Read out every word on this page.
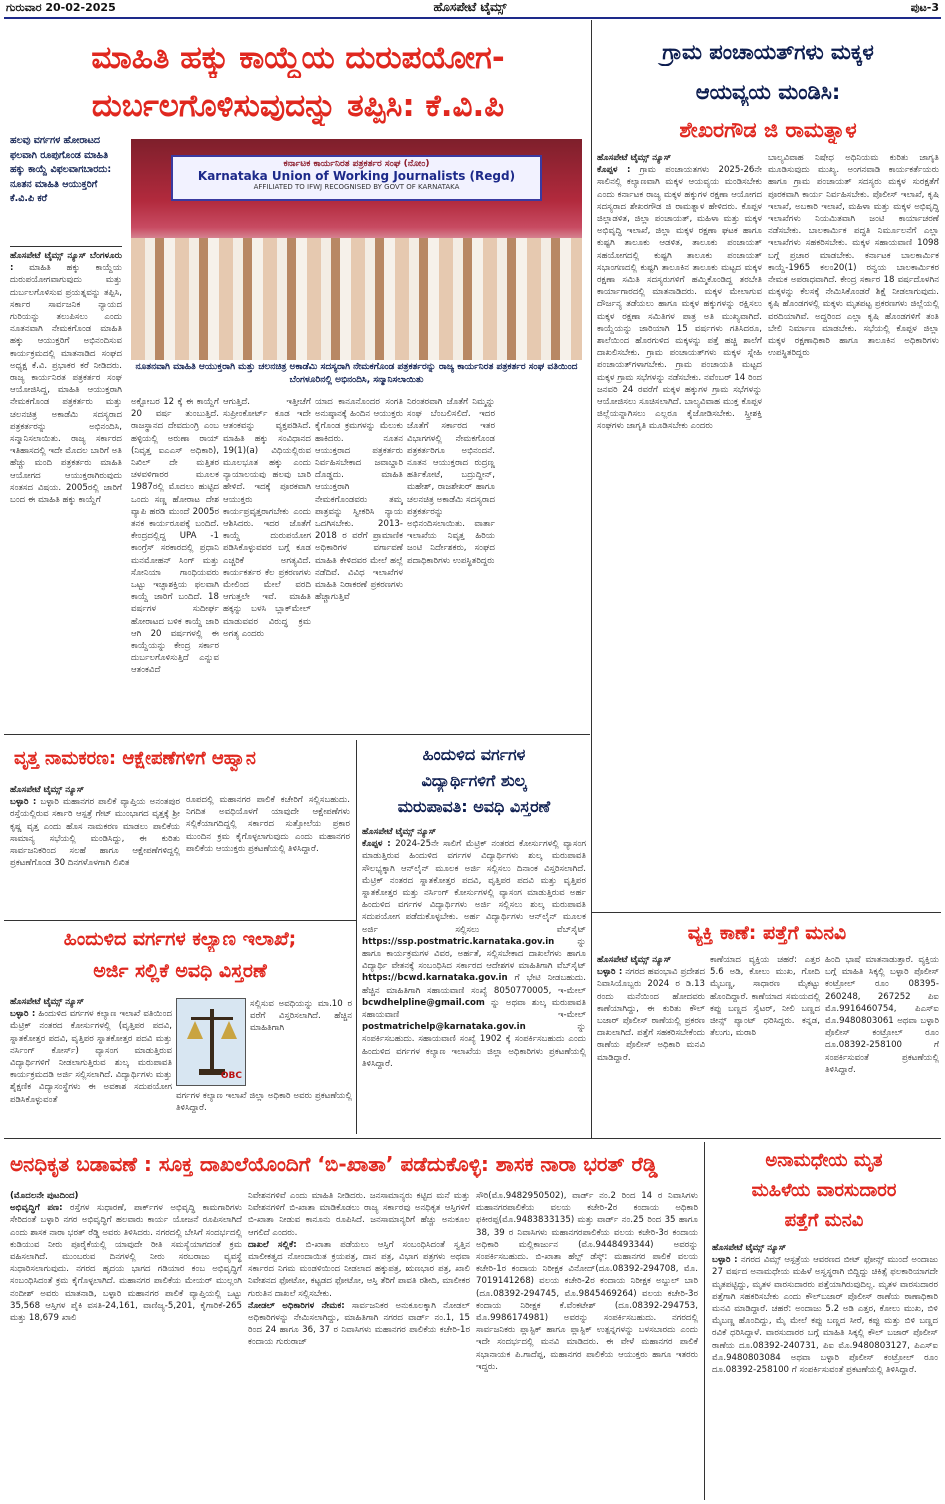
ಗುರುವಾರ 20-02-2025	ಹೊಸಪೇಟೆ ಟೈಮ್ಸ್	ಪುಟ-3
ಮಾಹಿತಿ ಹಕ್ಕು ಕಾಯ್ದೆಯ ದುರುಪಯೋಗ-
ದುರ್ಬಲಗೊಳಿಸುವುದನ್ನು ತಪ್ಪಿಸಿ: ಕೆ.ವಿ.ಪಿ
ಹಲವು ವರ್ಗಗಳ ಹೋರಾಟದ ಫಲವಾಗಿ ರೂಪುಗೊಂಡ ಮಾಹಿತಿ ಹಕ್ಕು ಕಾಯ್ದೆ ವಿಫಲವಾಗಬಾರದು: ನೂತನ ಮಾಹಿತಿ ಆಯುಕ್ತರಿಗೆ ಕೆ.ವಿ.ಪಿ ಕರೆ
ಹೊಸಪೇಟೆ ಟೈಮ್ಸ್ ನ್ಯೂಸ್ ಬೆಂಗಳೂರು : ಮಾಹಿತಿ ಹಕ್ಕು ಕಾಯ್ದೆಯ ದುರುಪಯೋಗವಾಗುವುದು ಮತ್ತು ದುರ್ಬಲಗೊಳಿಸುವ ಪ್ರಯತ್ನವನ್ನು ತಪ್ಪಿಸಿ, ಸರ್ಕಾರ ಸಾರ್ವಜನಿಕ ನ್ಯಾಯದ ಗುರಿಯನ್ನು ತಲುಪಿಸಲು ಎಂದು ನೂತನವಾಗಿ ನೇಮಕಗೊಂಡ ಮಾಹಿತಿ ಹಕ್ಕು ಆಯುಕ್ತರಿಗೆ ಅಭಿನಂದಿಸುವ ಕಾರ್ಯಕ್ರಮದಲ್ಲಿ ಮಾತನಾಡಿದ ಸಂಘದ ಅಧ್ಯಕ್ಷ ಕೆ.ವಿ. ಪ್ರಭಾಕರ ಕರೆ ನೀಡಿದರು. ರಾಜ್ಯ ಕಾರ್ಯನಿರತ ಪತ್ರಕರ್ತರ ಸಂಘ ಆಯೋಜಿಸಿದ್ದ, ಮಾಹಿತಿ ಆಯುಕ್ತರಾಗಿ ನೇಮಕಗೊಂಡ ಪತ್ರಕರ್ತರು ಮತ್ತು ಚಲನಚಿತ್ರ ಅಕಾಡೆಮಿ ಸದಸ್ಯರಾದ ಪತ್ರಕರ್ತರನ್ನು ಅಭಿನಂದಿಸಿ, ಸನ್ಮಾನಿಸಲಾಯಿತು. ರಾಜ್ಯ ಸರ್ಕಾರದ ಇತಿಹಾಸದಲ್ಲಿ ಇದೇ ಮೊದಲ ಬಾರಿಗೆ ಅತಿ ಹೆಚ್ಚು ಮಂದಿ ಪತ್ರಕರ್ತರು ಮಾಹಿತಿ ಆಯೋಗದ ಆಯುಕ್ತರಾಗಿರುವುದು ಸಂತಸದ ವಿಷಯ. 2005ರಲ್ಲಿ ಜಾರಿಗೆ ಬಂದ ಈ ಮಾಹಿತಿ ಹಕ್ಕು ಕಾಯ್ದೆಗೆ
ಕರ್ನಾಟಕ ಕಾರ್ಯನಿರತ ಪತ್ರಕರ್ತರ ಸಂಘ (ನೋಂ)
Karnataka Union of Working Journalists (Regd)
AFFILIATED TO IFWJ RECOGNISED BY GOVT OF KARNATAKA
ನೂತನವಾಗಿ ಮಾಹಿತಿ ಆಯುಕ್ತರಾಗಿ ಮತ್ತು ಚಲನಚಿತ್ರ ಅಕಾಡೆಮಿ ಸದಸ್ಯರಾಗಿ ನೇಮಕಗೊಂಡ ಪತ್ರಕರ್ತರನ್ನು ರಾಜ್ಯ ಕಾರ್ಯನಿರತ ಪತ್ರಕರ್ತರ ಸಂಘ ವತಿಯಿಂದ ಬೆಂಗಳೂರಿನಲ್ಲಿ ಅಭಿನಂದಿಸಿ, ಸನ್ಮಾನಿಸಲಾಯಿತು
ಅಕ್ಟೋಬರ 12 ಕ್ಕೆ ಈ ಕಾಯ್ದೆಗೆ 20 ವರ್ಷ ತುಂಬುತ್ತಿದೆ. ರಾಜಸ್ಥಾನದ ದೇವದುಂಗ್ರಿ ಎಂಬ ಹಳ್ಳಿಯಲ್ಲಿ ಅರುಣಾ ರಾಯ್ (ನಿವೃತ್ತ ಐಎಎಸ್ ಅಧಿಕಾರಿ), ನಿಖಿಲ್ ದೇ ಮತ್ತಿತರ ಚಳವಳಿಗಾರರ ಮೂಲಕ 1987ರಲ್ಲಿ ಮೊದಲು ಹುಟ್ಟಿದ ಒಂದು ಸಣ್ಣ ಹೋರಾಟ ದೇಶ ವ್ಯಾಪಿ ಹರಡಿ ಮುಂದೆ 2005ರ ತನಕ ಕಾರ್ಯರೂಪಕ್ಕೆ ಬಂದಿದೆ. ಕೇಂದ್ರದಲ್ಲಿದ್ದ UPA -1 ಕಾಂಗ್ರೆಸ್ ಸರಕಾರದಲ್ಲಿ ಪ್ರಧಾನಿ ಮನಮೋಹನ್ ಸಿಂಗ್ ಮತ್ತು ಸೋನಿಯಾ ಗಾಂಧಿಯವರು ಒಟ್ಟು ಇಚ್ಛಾಶಕ್ತಿಯ ಫಲವಾಗಿ ಕಾಯ್ದೆ ಜಾರಿಗೆ ಬಂದಿದೆ. 18 ವರ್ಷಗಳ ಸುದೀರ್ಘ ಹೋರಾಟದ ಬಳಿಕ ಕಾಯ್ದೆ ಜಾರಿ ಆಗಿ 20 ವರ್ಷಗಳಲ್ಲಿ ಈ ಕಾಯ್ದೆಯನ್ನು ಕೇಂದ್ರ ಸರ್ಕಾರ ದುರ್ಬಲಗೊಳಿಸುತ್ತಿದೆ ಎನ್ನುವ ಆತಂಕವಿದೆ
ಆಗುತ್ತಿದೆ. ಇತ್ತೀಚೆಗೆ ಸುಪ್ರೀಂಕೋರ್ಟ್ ಕೂಡ ಇದೇ ಆತಂಕವನ್ನು ವ್ಯಕ್ತಪಡಿಸಿದೆ. ಮಾಹಿತಿ ಹಕ್ಕು ಸಂವಿಧಾನದ 19(1)(a) ವಿಧಿಯಲ್ಲಿರುವ ಮೂಲಭೂತ ಹಕ್ಕು ಎಂದು ನ್ಯಾಯಾಲಯವು ಹಲವು ಬಾರಿ ಹೇಳಿದೆ. ಇದಕ್ಕೆ ಪೂರಕವಾಗಿ ಆಯುಕ್ತರು ಕಾರ್ಯಪ್ರವೃತ್ತರಾಗಬೇಕು ಎಂದು ಆಶಿಸಿದರು. ಇದರ ಜೊತೆಗೆ ಕಾಯ್ದೆ ದುರುಪಯೋಗ ಪಡಿಸಿಕೊಳ್ಳುವವರ ಬಗ್ಗೆ ಕೂಡ ಎಚ್ಚರಿಕೆ ಅಗತ್ಯವಿದೆ. ಕಾರ್ಯಕರ್ತರ ಕೆಲ ಪ್ರಕರಣಗಳು ಮೇಲಿಂದ ಮೇಲೆ ವರದಿ ಆಗುತ್ತಲೇ ಇವೆ. ಮಾಹಿತಿ ಹಕ್ಕನ್ನು ಬಳಸಿ ಬ್ಲಾಕ್‌ಮೇಲ್ ಮಾಡುವವರ ವಿರುದ್ಧ ಕ್ರಮ ಅಗತ್ಯ ಎಂದರು
ಯಾದ ಕಾನೂನೊಂದರ ಸಂಗತಿ ಅನುಷ್ಠಾನಕ್ಕೆ ಹಿಂದಿನ ಆಯುಕ್ತರು ಕೈಗೊಂಡ ಕ್ರಮಗಳನ್ನು ಮೆಲುಕು ಹಾಕಿದರು. ನೂತನ ಆಯುಕ್ತರಾದ ಪತ್ರಕರ್ತರು ನಿರ್ವಹಿಸಬೇಕಾದ ಜವಾಬ್ದಾರಿ ದೊಡ್ಡದು. ಮಾಹಿತಿ ಆಯುಕ್ತರಾಗಿ ನೇಮಕಗೊಂಡವರು ತಮ್ಮ ಪಾತ್ರವನ್ನು ಸ್ವೀಕರಿಸಿ ನ್ಯಾಯ ಒದಗಿಸಬೇಕು. 2013-2018 ರ ವರೆಗೆ ಪ್ರಾಮಾಣಿಕ ಅಧಿಕಾರಿಗಳ ವರ್ಗಾವಣೆ ಮಾಹಿತಿ ಕೇಳಿದವರ ಮೇಲೆ ಹಲ್ಲೆ ನಡೆದಿವೆ. ವಿವಿಧ ಇಲಾಖೆಗಳ ಮಾಹಿತಿ ನಿರಾಕರಣೆ ಪ್ರಕರಣಗಳು ಹೆಚ್ಚಾಗುತ್ತಿವೆ
ನಿರಂತರವಾಗಿ ಜೊತೆಗೆ ನಿಮ್ಮನ್ನು ಸಂಘ ಬೆಂಬಲಿಸಲಿದೆ. ಇದರ ಜೊತೆಗೆ ಸರ್ಕಾರದ ಇತರ ವಿಭಾಗಗಳಲ್ಲಿ ನೇಮಕಗೊಂಡ ಪತ್ರಕರ್ತರಿಗೂ ಅಭಿನಂದನೆ. ನೂತನ ಆಯುಕ್ತರಾದ ರುದ್ರಣ್ಣ ಹರ್ತಿಕೋಟೆ, ಬದ್ರುದ್ದೀನ್, ಮಹೇಶ್, ರಾಜಶೇಖರ್ ಹಾಗೂ ಚಲನಚಿತ್ರ ಅಕಾಡೆಮಿ ಸದಸ್ಯರಾದ ಪತ್ರಕರ್ತರನ್ನು ಅಭಿನಂದಿಸಲಾಯಿತು. ವಾರ್ತಾ ಇಲಾಖೆಯ ನಿವೃತ್ತ ಹಿರಿಯ ಜಂಟಿ ನಿರ್ದೇಶಕರು, ಸಂಘದ ಪದಾಧಿಕಾರಿಗಳು ಉಪಸ್ಥಿತರಿದ್ದರು
ಗ್ರಾಮ ಪಂಚಾಯತ್‌ಗಳು ಮಕ್ಕಳ
ಆಯವ್ಯಯ ಮಂಡಿಸಿ:
ಶೇಖರಗೌಡ ಜಿ ರಾಮತ್ನಾಳ
ಹೊಸಪೇಟೆ ಟೈಮ್ಸ್ ನ್ಯೂಸ್
ಕೊಪ್ಪಳ : ಗ್ರಾಮ ಪಂಚಾಯತಗಳು 2025-26ನೇ ಸಾಲಿನಲ್ಲಿ ಕಲ್ಯಾಣವಾಗಿ ಮಕ್ಕಳ ಆಯವ್ಯಯ ಮಂಡಿಸಬೇಕು ಎಂದು ಕರ್ನಾಟಕ ರಾಜ್ಯ ಮಕ್ಕಳ ಹಕ್ಕುಗಳ ರಕ್ಷಣಾ ಆಯೋಗದ ಸದಸ್ಯರಾದ ಶೇಖರಗೌಡ ಜಿ ರಾಮತ್ನಾಳ ಹೇಳಿದರು. ಕೊಪ್ಪಳ ಜಿಲ್ಲಾಡಳಿತ, ಜಿಲ್ಲಾ ಪಂಚಾಯತ್, ಮಹಿಳಾ ಮತ್ತು ಮಕ್ಕಳ ಅಭಿವೃದ್ಧಿ ಇಲಾಖೆ, ಜಿಲ್ಲಾ ಮಕ್ಕಳ ರಕ್ಷಣಾ ಘಟಕ ಹಾಗೂ ಕುಷ್ಟಗಿ ತಾಲೂಕು ಆಡಳಿತ, ತಾಲೂಕು ಪಂಚಾಯತ್ ಸಹಯೋಗದಲ್ಲಿ ಕುಷ್ಟಗಿ ತಾಲೂಕು ಪಂಚಾಯತ್ ಸಭಾಂಗಣದಲ್ಲಿ ಕುಷ್ಟಗಿ ತಾಲೂಕಿನ ತಾಲೂಕು ಮಟ್ಟದ ಮಕ್ಕಳ ರಕ್ಷಣಾ ಸಮಿತಿ ಸದಸ್ಯರುಗಳಿಗೆ ಹಮ್ಮಿಕೊಂಡಿದ್ದ ತರಬೇತಿ ಕಾರ್ಯಾಗಾರದಲ್ಲಿ ಮಾತನಾಡಿದರು. ಮಕ್ಕಳ ಮೇಲಾಗುವ ದೌರ್ಜನ್ಯ ತಡೆಯಲು ಹಾಗೂ ಮಕ್ಕಳ ಹಕ್ಕುಗಳನ್ನು ರಕ್ಷಿಸಲು ಮಕ್ಕಳ ರಕ್ಷಣಾ ಸಮಿತಿಗಳ ಪಾತ್ರ ಅತಿ ಮುಖ್ಯವಾಗಿದೆ. ಕಾಯ್ದೆಯನ್ನು ಜಾರಿಯಾಗಿ 15 ವರ್ಷಗಳು ಗತಿಸಿದರೂ, ಶಾಲೆಯಿಂದ ಹೊರಗುಳಿದ ಮಕ್ಕಳನ್ನು ಪತ್ತೆ ಹಚ್ಚಿ ಶಾಲೆಗೆ ದಾಖಲಿಸಬೇಕು. ಗ್ರಾಮ ಪಂಚಾಯತ್‌ಗಳು ಮಕ್ಕಳ ಸ್ನೇಹಿ ಪಂಚಾಯತ್‌ಗಳಾಗಬೇಕು. ಗ್ರಾಮ ಪಂಚಾಯತಿ ಮಟ್ಟದ ಮಕ್ಕಳ ಗ್ರಾಮ ಸಭೆಗಳನ್ನು ನಡೆಸಬೇಕು. ನವೆಂಬರ್ 14 ರಿಂದ ಜನವರಿ 24 ರವರೆಗೆ ಮಕ್ಕಳ ಹಕ್ಕುಗಳ ಗ್ರಾಮ ಸಭೆಗಳನ್ನು ಆಯೋಜಿಸಲು ಸೂಚಿಸಲಾಗಿದೆ. ಬಾಲ್ಯವಿವಾಹ ಮುಕ್ತ ಕೊಪ್ಪಳ ಜಿಲ್ಲೆಯನ್ನಾಗಿಸಲು ಎಲ್ಲರೂ ಕೈಜೋಡಿಸಬೇಕು. ಸ್ತ್ರೀಶಕ್ತಿ ಸಂಘಗಳು ಜಾಗೃತಿ ಮೂಡಿಸಬೇಕು ಎಂದರು
ಬಾಲ್ಯವಿವಾಹ ನಿಷೇಧ ಅಧಿನಿಯಮ ಕುರಿತು ಜಾಗೃತಿ ಮೂಡಿಸುವುದು ಮುಖ್ಯ. ಅಂಗನವಾಡಿ ಕಾರ್ಯಕರ್ತೆಯರು ಹಾಗೂ ಗ್ರಾಮ ಪಂಚಾಯತ್ ಸದಸ್ಯರು ಮಕ್ಕಳ ಸುರಕ್ಷತೆಗೆ ಪೂರಕವಾಗಿ ಕಾರ್ಯ ನಿರ್ವಹಿಸಬೇಕು. ಪೊಲೀಸ್ ಇಲಾಖೆ, ಕೃಷಿ ಇಲಾಖೆ, ಅಬಕಾರಿ ಇಲಾಖೆ, ಮಹಿಳಾ ಮತ್ತು ಮಕ್ಕಳ ಅಭಿವೃದ್ಧಿ ಇಲಾಖೆಗಳು ನಿಯಮಿತವಾಗಿ ಜಂಟಿ ಕಾರ್ಯಾಚರಣೆ ನಡೆಸಬೇಕು. ಬಾಲಕಾರ್ಮಿಕ ಪದ್ಧತಿ ನಿರ್ಮೂಲನೆಗೆ ಎಲ್ಲಾ ಇಲಾಖೆಗಳು ಸಹಕರಿಸಬೇಕು. ಮಕ್ಕಳ ಸಹಾಯವಾಣಿ 1098 ಬಗ್ಗೆ ಪ್ರಚಾರ ಮಾಡಬೇಕು. ಕರ್ನಾಟಕ ಬಾಲಕಾರ್ಮಿಕ ಕಾಯ್ದೆ-1965 ಕಲಂ20(1) ರನ್ವಯ ಬಾಲಕಾರ್ಮಿಕರ ನೇಮಕ ಅಪರಾಧವಾಗಿದೆ. ಕೇಂದ್ರ ಸರ್ಕಾರ 18 ವರ್ಷದೊಳಗಿನ ಮಕ್ಕಳನ್ನು ಕೆಲಸಕ್ಕೆ ನೇಮಿಸಿಕೊಂಡರೆ ಶಿಕ್ಷೆ ನೀಡಲಾಗುವುದು. ಕೃಷಿ ಹೊಂಡಗಳಲ್ಲಿ ಮಕ್ಕಳು ಮೃತಪಟ್ಟ ಪ್ರಕರಣಗಳು ಜಿಲ್ಲೆಯಲ್ಲಿ ವರದಿಯಾಗಿವೆ. ಅದ್ದರಿಂದ ಎಲ್ಲಾ ಕೃಷಿ ಹೊಂಡಗಳಿಗೆ ತಂತಿ ಬೇಲಿ ನಿರ್ಮಾಣ ಮಾಡಬೇಕು. ಸಭೆಯಲ್ಲಿ ಕೊಪ್ಪಳ ಜಿಲ್ಲಾ ಮಕ್ಕಳ ರಕ್ಷಣಾಧಿಕಾರಿ ಹಾಗೂ ತಾಲೂಕಿನ ಅಧಿಕಾರಿಗಳು ಉಪಸ್ಥಿತರಿದ್ದರು
ವೃತ್ತ ನಾಮಕರಣ: ಆಕ್ಷೇಪಣೆಗಳಿಗೆ ಆಹ್ವಾನ
ಹೊಸಪೇಟೆ ಟೈಮ್ಸ್ ನ್ಯೂಸ್
ಬಳ್ಳಾರಿ : ಬಳ್ಳಾರಿ ಮಹಾನಗರ ಪಾಲಿಕೆ ವ್ಯಾಪ್ತಿಯ ಅನಂತಪುರ ರಸ್ತೆಯಲ್ಲಿರುವ ಸರ್ಕಾರಿ ಆಸ್ಪತ್ರೆ ಗೇಟ್ ಮುಂಭಾಗದ ವೃತ್ತಕ್ಕೆ ಶ್ರೀ ಕೃಷ್ಣ ವೃತ್ತ ಎಂದು ಹೊಸ ನಾಮಕರಣ ಮಾಡಲು ಪಾಲಿಕೆಯ ಸಾಮಾನ್ಯ ಸಭೆಯಲ್ಲಿ ಮಂಡಿಸಿದ್ದು, ಈ ಕುರಿತು ಸಾರ್ವಜನಿಕರಿಂದ ಸಲಹೆ ಹಾಗೂ ಆಕ್ಷೇಪಣೆಗಳಿದ್ದಲ್ಲಿ ಪ್ರಕಟಣೆಗೊಂಡ 30 ದಿನಗಳೊಳಗಾಗಿ ಲಿಖಿತ
ರೂಪದಲ್ಲಿ ಮಹಾನಗರ ಪಾಲಿಕೆ ಕಚೇರಿಗೆ ಸಲ್ಲಿಸಬಹುದು. ನಿಗದಿತ ಅವಧಿಯೊಳಗೆ ಯಾವುದೇ ಆಕ್ಷೇಪಣೆಗಳು ಸಲ್ಲಿಕೆಯಾಗದಿದ್ದಲ್ಲಿ ಸರ್ಕಾರದ ಸುತ್ತೋಲೆಯ ಪ್ರಕಾರ ಮುಂದಿನ ಕ್ರಮ ಕೈಗೊಳ್ಳಲಾಗುವುದು ಎಂದು ಮಹಾನಗರ ಪಾಲಿಕೆಯ ಆಯುಕ್ತರು ಪ್ರಕಟಣೆಯಲ್ಲಿ ತಿಳಿಸಿದ್ದಾರೆ.
ಹಿಂದುಳಿದ ವರ್ಗಗಳ
ವಿದ್ಯಾರ್ಥಿಗಳಿಗೆ ಶುಲ್ಕ
ಮರುಪಾವತಿ: ಅವಧಿ ವಿಸ್ತರಣೆ
ಹೊಸಪೇಟೆ ಟೈಮ್ಸ್ ನ್ಯೂಸ್
ಕೊಪ್ಪಳ : 2024-25ನೇ ಸಾಲಿಗೆ ಮೆಟ್ರಿಕ್ ನಂತರದ ಕೋರ್ಸುಗಳಲ್ಲಿ ವ್ಯಾಸಂಗ ಮಾಡುತ್ತಿರುವ ಹಿಂದುಳಿದ ವರ್ಗಗಳ ವಿದ್ಯಾರ್ಥಿಗಳು ಶುಲ್ಕ ಮರುಪಾವತಿ ಸೌಲಭ್ಯಕ್ಕಾಗಿ ಆನ್‌ಲೈನ್ ಮೂಲಕ ಅರ್ಜಿ ಸಲ್ಲಿಸಲು ದಿನಾಂಕ ವಿಸ್ತರಿಸಲಾಗಿದೆ. ಮೆಟ್ರಿಕ್ ನಂತರದ ಸ್ನಾತಕೋತ್ತರ ಪದವಿ, ವೃತ್ತಿಪರ ಪದವಿ ಮತ್ತು ವೃತ್ತಿಪರ ಸ್ನಾತಕೋತ್ತರ ಮತ್ತು ನರ್ಸಿಂಗ್ ಕೋರ್ಸುಗಳಲ್ಲಿ ವ್ಯಾಸಂಗ ಮಾಡುತ್ತಿರುವ ಅರ್ಹ ಹಿಂದುಳಿದ ವರ್ಗಗಳ ವಿದ್ಯಾರ್ಥಿಗಳು ಅರ್ಜಿ ಸಲ್ಲಿಸಲು ಶುಲ್ಕ ಮರುಪಾವತಿ ಸದುಪಯೋಗ ಪಡೆದುಕೊಳ್ಳಬೇಕು. ಅರ್ಹ ವಿದ್ಯಾರ್ಥಿಗಳು ಆನ್‌ಲೈನ್ ಮೂಲಕ ಅರ್ಜಿ ಸಲ್ಲಿಸಲು ವೆಬ್‌ಸೈಟ್ https://ssp.postmatric.karnataka.gov.in	ನ್ನು ಹಾಗೂ ಕಾರ್ಯಕ್ರಮಗಳ ವಿವರ, ಅರ್ಹತೆ, ಸಲ್ಲಿಸಬೇಕಾದ ದಾಖಲೆಗಳು ಹಾಗೂ ವಿದ್ಯಾರ್ಥಿ ವೇತನಕ್ಕೆ ಸಂಬಂಧಿಸಿದ ಸರ್ಕಾರದ ಆದೇಶಗಳ ಮಾಹಿತಿಗಾಗಿ ವೆಬ್‌ಸೈಟ್ https://bcwd.karnataka.gov.in ಗೆ ಭೇಟಿ ನೀಡಬಹುದು. ಹೆಚ್ಚಿನ ಮಾಹಿತಿಗಾಗಿ ಸಹಾಯವಾಣಿ ಸಂಖ್ಯೆ 8050770005, ಇ-ಮೇಲ್ bcwdhelpline@gmail.com ನ್ನು ಅಥವಾ ಶುಲ್ಕ ಮರುಪಾವತಿ ಸಹಾಯವಾಣಿ ಇ-ಮೇಲ್ postmatrichelp@karnataka.gov.in	ನ್ನು ಸಂಪರ್ಕಿಸಬಹುದು. ಸಹಾಯವಾಣಿ ಸಂಖ್ಯೆ 1902 ಕ್ಕೆ ಸಂಪರ್ಕಿಸಬಹುದು ಎಂದು ಹಿಂದುಳಿದ ವರ್ಗಗಳ ಕಲ್ಯಾಣ ಇಲಾಖೆಯ ಜಿಲ್ಲಾ ಅಧಿಕಾರಿಗಳು ಪ್ರಕಟಣೆಯಲ್ಲಿ ತಿಳಿಸಿದ್ದಾರೆ.
ಹಿಂದುಳಿದ ವರ್ಗಗಳ ಕಲ್ಯಾಣ ಇಲಾಖೆ;
ಅರ್ಜಿ ಸಲ್ಲಿಕೆ ಅವಧಿ ವಿಸ್ತರಣೆ
ಹೊಸಪೇಟೆ ಟೈಮ್ಸ್ ನ್ಯೂಸ್
ಬಳ್ಳಾರಿ : ಹಿಂದುಳಿದ ವರ್ಗಗಳ ಕಲ್ಯಾಣ ಇಲಾಖೆ ವತಿಯಿಂದ ಮೆಟ್ರಿಕ್ ನಂತರದ ಕೋರ್ಸುಗಳಲ್ಲಿ (ವೃತ್ತಿಪರ ಪದವಿ, ಸ್ನಾತಕೋತ್ತರ ಪದವಿ, ವೃತ್ತಿಪರ ಸ್ನಾತಕೋತ್ತರ ಪದವಿ ಮತ್ತು ನರ್ಸಿಂಗ್ ಕೋರ್ಸ್) ವ್ಯಾಸಂಗ ಮಾಡುತ್ತಿರುವ ವಿದ್ಯಾರ್ಥಿಗಳಿಗೆ ನೀಡಲಾಗುತ್ತಿರುವ ಶುಲ್ಕ ಮರುಪಾವತಿ ಕಾರ್ಯಕ್ರಮದಡಿ ಅರ್ಜಿ ಸಲ್ಲಿಸಲಾಗಿದೆ. ವಿದ್ಯಾರ್ಥಿಗಳು ಮತ್ತು ಶೈಕ್ಷಣಿಕ ವಿದ್ಯಾಸಂಸ್ಥೆಗಳು ಈ ಅವಕಾಶ ಸದುಪಯೋಗ ಪಡಿಸಿಕೊಳ್ಳುವಂತೆ
OBC
ಸಲ್ಲಿಸುವ ಅವಧಿಯನ್ನು ಮಾ.10 ರ ವರೆಗೆ ವಿಸ್ತರಿಸಲಾಗಿದೆ. ಹೆಚ್ಚಿನ ಮಾಹಿತಿಗಾಗಿ
ವರ್ಗಗಳ ಕಲ್ಯಾಣ ಇಲಾಖೆ ಜಿಲ್ಲಾ ಅಧಿಕಾರಿ ಅವರು ಪ್ರಕಟಣೆಯಲ್ಲಿ ತಿಳಿಸಿದ್ದಾರೆ.
ವ್ಯಕ್ತಿ ಕಾಣೆ: ಪತ್ತೆಗೆ ಮನವಿ
ಹೊಸಪೇಟೆ ಟೈಮ್ಸ್ ನ್ಯೂಸ್
ಬಳ್ಳಾರಿ : ನಗರದ ಹವಂಭಾವಿ ಪ್ರದೇಶದ ನಿವಾಸಿಯೊಬ್ಬರು 2024 ರ ಡಿ.13 ರಂದು ಮನೆಯಿಂದ ಹೋದವರು ಕಾಣೆಯಾಗಿದ್ದು, ಈ ಕುರಿತು ಕೌಲ್ ಬಜಾರ್ ಪೊಲೀಸ್ ಠಾಣೆಯಲ್ಲಿ ಪ್ರಕರಣ ದಾಖಲಾಗಿದೆ. ಪತ್ತೆಗೆ ಸಹಕರಿಸಬೇಕೆಂದು ಠಾಣೆಯ ಪೊಲೀಸ್ ಅಧಿಕಾರಿ ಮನವಿ ಮಾಡಿದ್ದಾರೆ.
ಕಾಣೆಯಾದ ವ್ಯಕ್ತಿಯ ಚಹರೆ: ಎತ್ತರ 5.6 ಅಡಿ, ಕೋಲು ಮುಖ, ಗೋದಿ ಮೈಬಣ್ಣ, ಸಾಧಾರಣ ಮೈಕಟ್ಟು ಹೊಂದಿದ್ದಾರೆ. ಕಾಣೆಯಾದ ಸಮಯದಲ್ಲಿ ಕಪ್ಪು ಬಣ್ಣದ ಸ್ವೆಟರ್, ನೀಲಿ ಬಣ್ಣದ ಜೀನ್ಸ್ ಪ್ಯಾಂಟ್ ಧರಿಸಿದ್ದರು. ಕನ್ನಡ, ತೆಲುಗು, ಮರಾಠಿ
ಹಿಂದಿ ಭಾಷೆ ಮಾತನಾಡುತ್ತಾರೆ. ವ್ಯಕ್ತಿಯ ಬಗ್ಗೆ ಮಾಹಿತಿ ಸಿಕ್ಕಲ್ಲಿ ಬಳ್ಳಾರಿ ಪೊಲೀಸ್ ಕಂಟ್ರೋಲ್ ರೂಂ 08395-260248, 267252 ಪಿಐ ಮೊ.9916460754, ಪಿಎಸ್‌ಐ ಮೊ.9480803061 ಅಥವಾ ಬಳ್ಳಾರಿ ಪೊಲೀಸ್ ಕಂಟ್ರೋಲ್ ರೂಂ ದೂ.08392-258100 ಗೆ ಸಂಪರ್ಕಿಸುವಂತೆ ಪ್ರಕಟಣೆಯಲ್ಲಿ ತಿಳಿಸಿದ್ದಾರೆ.
ಅನಧಿಕೃತ ಬಡಾವಣೆ : ಸೂಕ್ತ ದಾಖಲೆಯೊಂದಿಗೆ ‘ಬಿ-ಖಾತಾ’ ಪಡೆದುಕೊಳ್ಳಿ: ಶಾಸಕ ನಾರಾ ಭರತ್ ರೆಡ್ಡಿ
(ಮೊದಲನೇ ಪುಟದಿಂದ)
ಅಭಿವೃದ್ಧಿಗೆ ಪಣ: ರಸ್ತೆಗಳ ಸುಧಾರಣೆ, ಪಾರ್ಕ್‌ಗಳ ಅಭಿವೃದ್ಧಿ ಕಾಮಗಾರಿಗಳು ಸೇರಿದಂತೆ ಬಳ್ಳಾರಿ ನಗರ ಅಭಿವೃದ್ಧಿಗೆ ಹಲವಾರು ಕಾರ್ಯ ಯೋಜನೆ ರೂಪಿಸಲಾಗಿದೆ ಎಂದು ಶಾಸಕ ನಾರಾ ಭರತ್ ರೆಡ್ಡಿ ಅವರು ತಿಳಿಸಿದರು. ನಗರದಲ್ಲಿ ಬೇಸಿಗೆ ಸಂದರ್ಭದಲ್ಲಿ ಕುಡಿಯುವ ನೀರು ಪೂರೈಕೆಯಲ್ಲಿ ಯಾವುದೇ ರೀತಿ ಸಮಸ್ಯೆಯಾಗದಂತೆ ಕ್ರಮ ವಹಿಸಲಾಗಿದೆ. ಮುಂಬರುವ ದಿನಗಳಲ್ಲಿ ನೀರು ಸರಬರಾಜು ವ್ಯವಸ್ಥೆ ಸುಧಾರಿಸಲಾಗುವುದು. ನಗರದ ಹೃದಯ ಭಾಗದ ಗಡಿಯಾರ ಕಂಬ ಅಭಿವೃದ್ಧಿಗೆ ಸಂಬಂಧಿಸಿದಂತೆ ಕ್ರಮ ಕೈಗೊಳ್ಳಲಾಗಿದೆ. ಮಹಾನಗರ ಪಾಲಿಕೆಯ ಮೇಯರ್ ಮುಲ್ಲಂಗಿ ನಂದೀಶ್ ಅವರು ಮಾತನಾಡಿ, ಬಳ್ಳಾರಿ ಮಹಾನಗರ ಪಾಲಿಕೆ ವ್ಯಾಪ್ತಿಯಲ್ಲಿ ಒಟ್ಟು 35,568 ಆಸ್ತಿಗಳ ಪೈಕಿ ವಸತಿ-24,161, ವಾಣಿಜ್ಯ-5,201, ಕೈಗಾರಿಕೆ-265 ಮತ್ತು 18,679 ಖಾಲಿ
ನಿವೇಶನಗಳಿವೆ ಎಂದು ಮಾಹಿತಿ ನೀಡಿದರು. ಜನಸಾಮಾನ್ಯರು ಕಟ್ಟಿದ ಮನೆ ಮತ್ತು ನಿವೇಶನಗಳಿಗೆ ಬಿ-ಖಾತಾ ಮಾಡಿಕೊಡಲು ರಾಜ್ಯ ಸರ್ಕಾರವು ಅನಧಿಕೃತ ಆಸ್ತಿಗಳಿಗೆ ಬಿ-ಖಾತಾ ನೀಡುವ ಕಾನೂನು ರೂಪಿಸಿದೆ. ಜನಸಾಮಾನ್ಯರಿಗೆ ಹೆಚ್ಚು ಅನುಕೂಲ ಆಗಲಿದೆ ಎಂದರು.
ದಾಖಲೆ ಸಲ್ಲಿಕೆ: ಬಿ-ಖಾತಾ ಪಡೆಯಲು ಆಸ್ತಿಗೆ ಸಂಬಂಧಿಸಿದಂತೆ ಸ್ವತ್ತಿನ ಮಾಲೀಕತ್ವದ ನೋಂದಾಯಿತ ಕ್ರಯಪತ್ರ, ದಾನ ಪತ್ರ, ವಿಭಾಗ ಪತ್ರಗಳು ಅಥವಾ ಸರ್ಕಾರದ ನಿಗಮ ಮಂಡಳಿಯಿಂದ ನೀಡಲಾದ ಹಕ್ಕುಪತ್ರ, ಋಣಭಾರ ಪತ್ರ, ಖಾಲಿ ನಿವೇಶನದ ಫೋಟೋ, ಕಟ್ಟಡದ ಫೋಟೋ, ಆಸ್ತಿ ತೆರಿಗೆ ಪಾವತಿ ರಶೀದಿ, ಮಾಲೀಕರ ಗುರುತಿನ ದಾಖಲೆ ಸಲ್ಲಿಸಬೇಕು.
ನೋಡಲ್ ಅಧಿಕಾರಿಗಳ ನೇಮಕ: ಸಾರ್ವಜನಿಕರ ಅನುಕೂಲಕ್ಕಾಗಿ ನೋಡಲ್ ಅಧಿಕಾರಿಗಳನ್ನು ನೇಮಿಸಲಾಗಿದ್ದು, ಮಾಹಿತಿಗಾಗಿ ನಗರದ ವಾರ್ಡ್ ನಂ.1, 15 ರಿಂದ 24 ಹಾಗೂ 36, 37 ರ ನಿವಾಸಿಗಳು ಮಹಾನಗರ ಪಾಲಿಕೆಯ ಕಚೇರಿ-1ರ ಕಂದಾಯ ಗುರುರಾಜ್
ಸೌರಿ(ಮೊ.9482950502), ವಾರ್ಡ್ ನಂ.2 ರಿಂದ 14 ರ ನಿವಾಸಿಗಳು ಮಹಾನಗರಪಾಲಿಕೆಯ ವಲಯ ಕಚೇರಿ-2ರ ಕಂದಾಯ ಅಧಿಕಾರಿ ಫಕೀರಪ್ಪ(ಮೊ.9483833135) ಮತ್ತು ವಾರ್ಡ್ ನಂ.25 ರಿಂದ 35 ಹಾಗೂ 38, 39 ರ ನಿವಾಸಿಗಳು ಮಹಾನಗರಪಾಲಿಕೆಯ ವಲಯ ಕಚೇರಿ-3ರ ಕಂದಾಯ ಅಧಿಕಾರಿ ಮಲ್ಲಿಕಾರ್ಜುನ (ಮೊ.9448493344) ಅವರನ್ನು ಸಂಪರ್ಕಿಸಬಹುದು. ಬಿ-ಖಾತಾ ಹೆಲ್ಪ್ ಡೆಸ್ಕ್: ಮಹಾನಗರ ಪಾಲಿಕೆ ವಲಯ ಕಚೇರಿ-1ರ ಕಂದಾಯ ನಿರೀಕ್ಷಕ ವಿನೋದ್(ದೂ.08392-294708, ಮೊ. 7019141268) ವಲಯ ಕಚೇರಿ-2ರ ಕಂದಾಯ ನಿರೀಕ್ಷಕ ಅಬ್ದುಲ್ ಬಾರಿ (ದೂ.08392-294745, ಮೊ.9845469264) ವಲಯ ಕಚೇರಿ-3ರ ಕಂದಾಯ ನಿರೀಕ್ಷಕ ಕೆ.ವೆಂಕಟೇಶ್ (ದೂ.08392-294753, ಮೊ.9986174981) ಅವರನ್ನು ಸಂಪರ್ಕಿಸಬಹುದು. ನಗರದಲ್ಲಿ ಸಾರ್ವಜನಿಕರು ಪ್ಲಾಸ್ಟಿಕ್ ಹಾಗೂ ಪ್ಲಾಸ್ಟಿಕ್ ಉತ್ಪನ್ನಗಳನ್ನು ಬಳಸಬಾರದು ಎಂದು ಇದೇ ಸಂದರ್ಭದಲ್ಲಿ ಮನವಿ ಮಾಡಿದರು. ಈ ವೇಳೆ ಮಹಾನಗರ ಪಾಲಿಕೆ ಸಭಾನಾಯಕ ಪಿ.ಗಾದೆಪ್ಪ, ಮಹಾನಗರ ಪಾಲಿಕೆಯ ಆಯುಕ್ತರು ಹಾಗೂ ಇತರರು ಇದ್ದರು.
ಅನಾಮಧೇಯ ಮೃತ
ಮಹಿಳೆಯ ವಾರಸುದಾರರ
ಪತ್ತೆಗೆ ಮನವಿ
ಹೊಸಪೇಟೆ ಟೈಮ್ಸ್ ನ್ಯೂಸ್
ಬಳ್ಳಾರಿ : ನಗರದ ವಿಮ್ಸ್ ಆಸ್ಪತ್ರೆಯ ಆವರಣದ ಬೀಟ್ ಫೋನ್ಸ್ ಮುಂದೆ ಅಂದಾಜು 27 ವರ್ಷದ ಅನಾಮಧೇಯ ಮಹಿಳೆ ಅಸ್ವಸ್ಥರಾಗಿ ಬಿದ್ದಿದ್ದು ಚಿಕಿತ್ಸೆ ಫಲಕಾರಿಯಾಗದೇ ಮೃತಪಟ್ಟಿದ್ದು, ಮೃತಳ ವಾರಸುದಾರರು ಪತ್ತೆಯಾಗಿರುವುದಿಲ್ಲ. ಮೃತಳ ವಾರಸುದಾರರ ಪತ್ತೆಗಾಗಿ ಸಹಕರಿಸಬೇಕು ಎಂದು ಕೌಲ್‌ಬಜಾರ್ ಪೊಲೀಸ್ ಠಾಣೆಯ ಠಾಣಾಧಿಕಾರಿ ಮನವಿ ಮಾಡಿದ್ದಾರೆ. ಚಹರೆ: ಅಂದಾಜು 5.2 ಅಡಿ ಎತ್ತರ, ಕೋಲು ಮುಖ, ಬಿಳಿ ಮೈಬಣ್ಣ ಹೊಂದಿದ್ದು, ಮೈ ಮೇಲೆ ಕಪ್ಪು ಬಣ್ಣದ ಸೀರೆ, ಕಪ್ಪು ಮತ್ತು ಬಿಳಿ ಬಣ್ಣದ ರವಿಕೆ ಧರಿಸಿದ್ದಾಳೆ. ವಾರಸುದಾರರ ಬಗ್ಗೆ ಮಾಹಿತಿ ಸಿಕ್ಕಲ್ಲಿ ಕೌಲ್ ಬಜಾರ್ ಪೊಲೀಸ್ ಠಾಣೆಯ ದೂ.08392-240731, ಪಿಐ ಮೊ.9480803127, ಪಿಎಸ್‌ಐ ಮೊ.9480803084 ಅಥವಾ ಬಳ್ಳಾರಿ ಪೊಲೀಸ್ ಕಂಟ್ರೋಲ್ ರೂಂ ದೂ.08392-258100 ಗೆ ಸಂಪರ್ಕಿಸುವಂತೆ ಪ್ರಕಟಣೆಯಲ್ಲಿ ತಿಳಿಸಿದ್ದಾರೆ.
